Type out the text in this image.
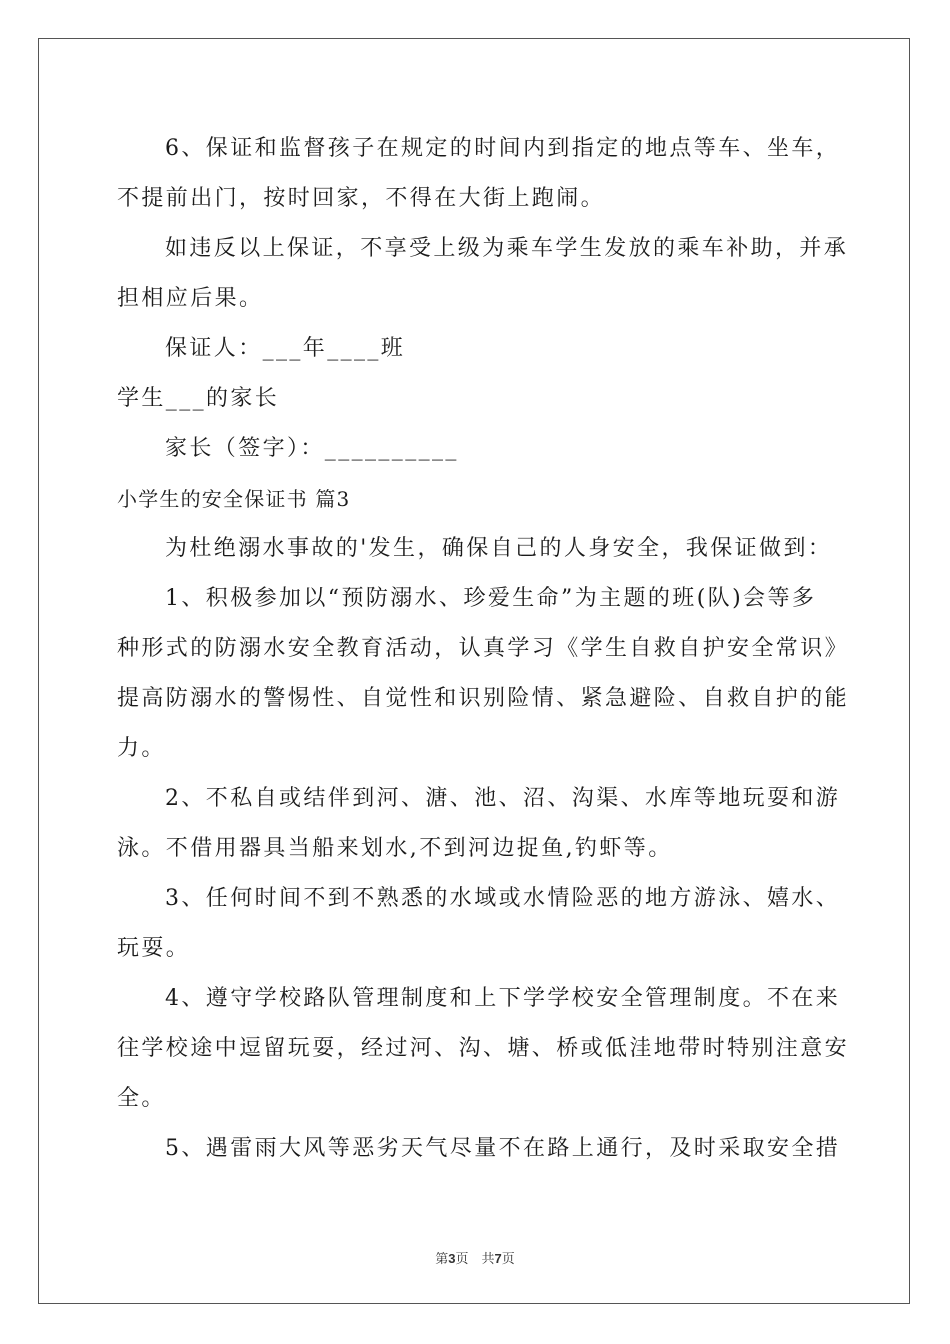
6、保证和监督孩子在规定的时间内到指定的地点等车、坐车，
不提前出门，按时回家，不得在大街上跑闹。
如违反以上保证，不享受上级为乘车学生发放的乘车补助，并承
担相应后果。
保证人：___年____班
学生___的家长
家长（签字）：__________
小学生的安全保证书 篇3
为杜绝溺水事故的'发生，确保自己的人身安全，我保证做到：
1、积极参加以“预防溺水、珍爱生命”为主题的班(队)会等多
种形式的防溺水安全教育活动，认真学习《学生自救自护安全常识》
提高防溺水的警惕性、自觉性和识别险情、紧急避险、自救自护的能
力。
2、不私自或结伴到河、溏、池、沼、沟渠、水库等地玩耍和游
泳。不借用器具当船来划水,不到河边捉鱼,钓虾等。
3、任何时间不到不熟悉的水域或水情险恶的地方游泳、嬉水、
玩耍。
4、遵守学校路队管理制度和上下学学校安全管理制度。不在来
往学校途中逗留玩耍，经过河、沟、塘、桥或低洼地带时特别注意安
全。
5、遇雷雨大风等恶劣天气尽量不在路上通行，及时采取安全措
第3页　共7页
